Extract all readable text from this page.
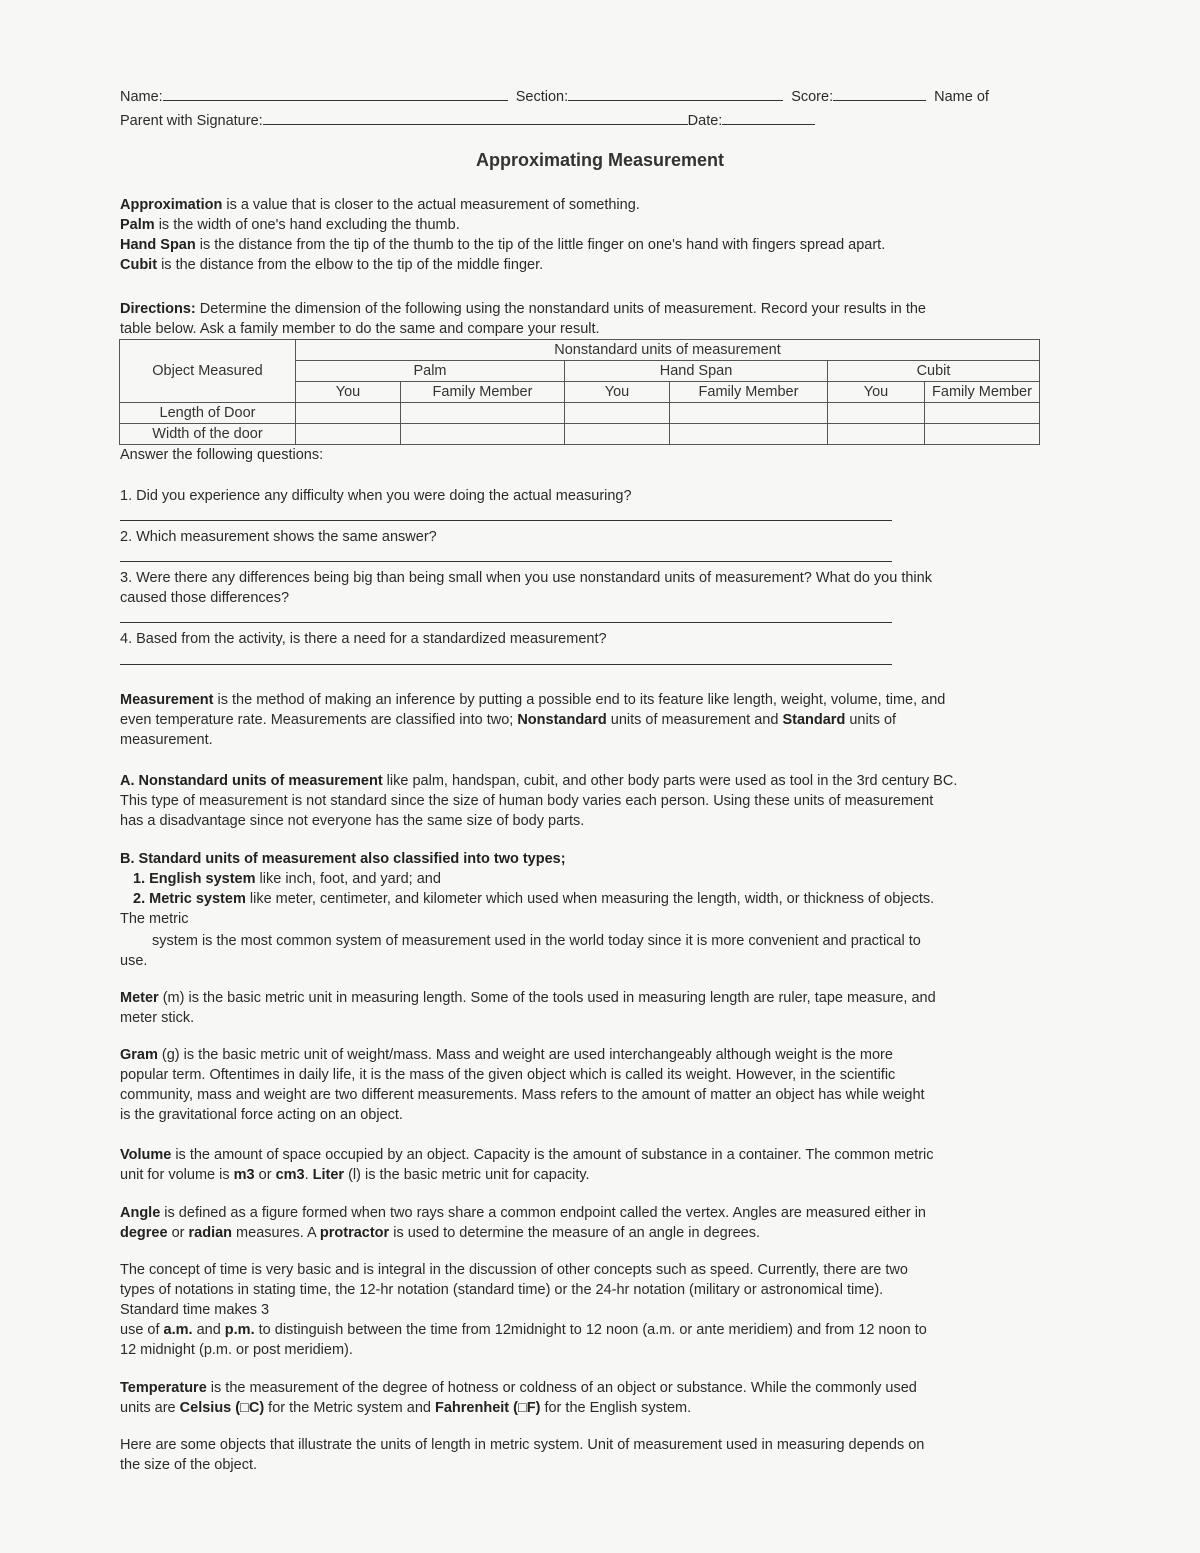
Name:	Section:	Score:	Name of
Parent with Signature:	Date:
Approximating Measurement

Approximation is a value that is closer to the actual measurement of something.

Palm is the width of one's hand excluding the thumb.

Hand Span is the distance from the tip of the thumb to the tip of the little finger on one's hand with fingers spread apart.

Cubit is the distance from the elbow to the tip of the middle finger.

Directions: Determine the dimension of the following using the nonstandard units of measurement. Record your results in the

table below. Ask a family member to do the same and compare your result.

Object Measured	Nonstandard units of measurement					
	Palm		Hand Span		Cubit	
	You	Family Member	You	Family Member	You	Family Member
Length of Door						
Width of the door						
Answer the following questions:
1. Did you experience any difficulty when you were doing the actual measuring?
2. Which measurement shows the same answer?
3. Were there any differences being big than being small when you use nonstandard units of measurement? What do you think
caused those differences?
4. Based from the activity, is there a need for a standardized measurement?

Measurement is the method of making an inference by putting a possible end to its feature like length, weight, volume, time, and

even temperature rate. Measurements are classified into two; Nonstandard units of measurement and Standard units of

measurement.

A. Nonstandard units of measurement like palm, handspan, cubit, and other body parts were used as tool in the 3rd century BC.

This type of measurement is not standard since the size of human body varies each person. Using these units of measurement

has a disadvantage since not everyone has the same size of body parts.

B. Standard units of measurement also classified into two types;

1. English system like inch, foot, and yard; and

2. Metric system like meter, centimeter, and kilometer which used when measuring the length, width, or thickness of objects.

The metric

system is the most common system of measurement used in the world today since it is more convenient and practical to

use.

Meter (m) is the basic metric unit in measuring length. Some of the tools used in measuring length are ruler, tape measure, and

meter stick.

Gram (g) is the basic metric unit of weight/mass. Mass and weight are used interchangeably although weight is the more

popular term. Oftentimes in daily life, it is the mass of the given object which is called its weight. However, in the scientific

community, mass and weight are two different measurements. Mass refers to the amount of matter an object has while weight

is the gravitational force acting on an object.

Volume is the amount of space occupied by an object. Capacity is the amount of substance in a container. The common metric

unit for volume is m3 or cm3. Liter (l) is the basic metric unit for capacity.

Angle is defined as a figure formed when two rays share a common endpoint called the vertex. Angles are measured either in

degree or radian measures. A protractor is used to determine the measure of an angle in degrees.

The concept of time is very basic and is integral in the discussion of other concepts such as speed. Currently, there are two

types of notations in stating time, the 12-hr notation (standard time) or the 24-hr notation (military or astronomical time).

Standard time makes 3

use of a.m. and p.m. to distinguish between the time from 12midnight to 12 noon (a.m. or ante meridiem) and from 12 noon to

12 midnight (p.m. or post meridiem).

Temperature is the measurement of the degree of hotness or coldness of an object or substance. While the commonly used

units are Celsius (□C) for the Metric system and Fahrenheit (□F) for the English system.

Here are some objects that illustrate the units of length in metric system. Unit of measurement used in measuring depends on

the size of the object.
